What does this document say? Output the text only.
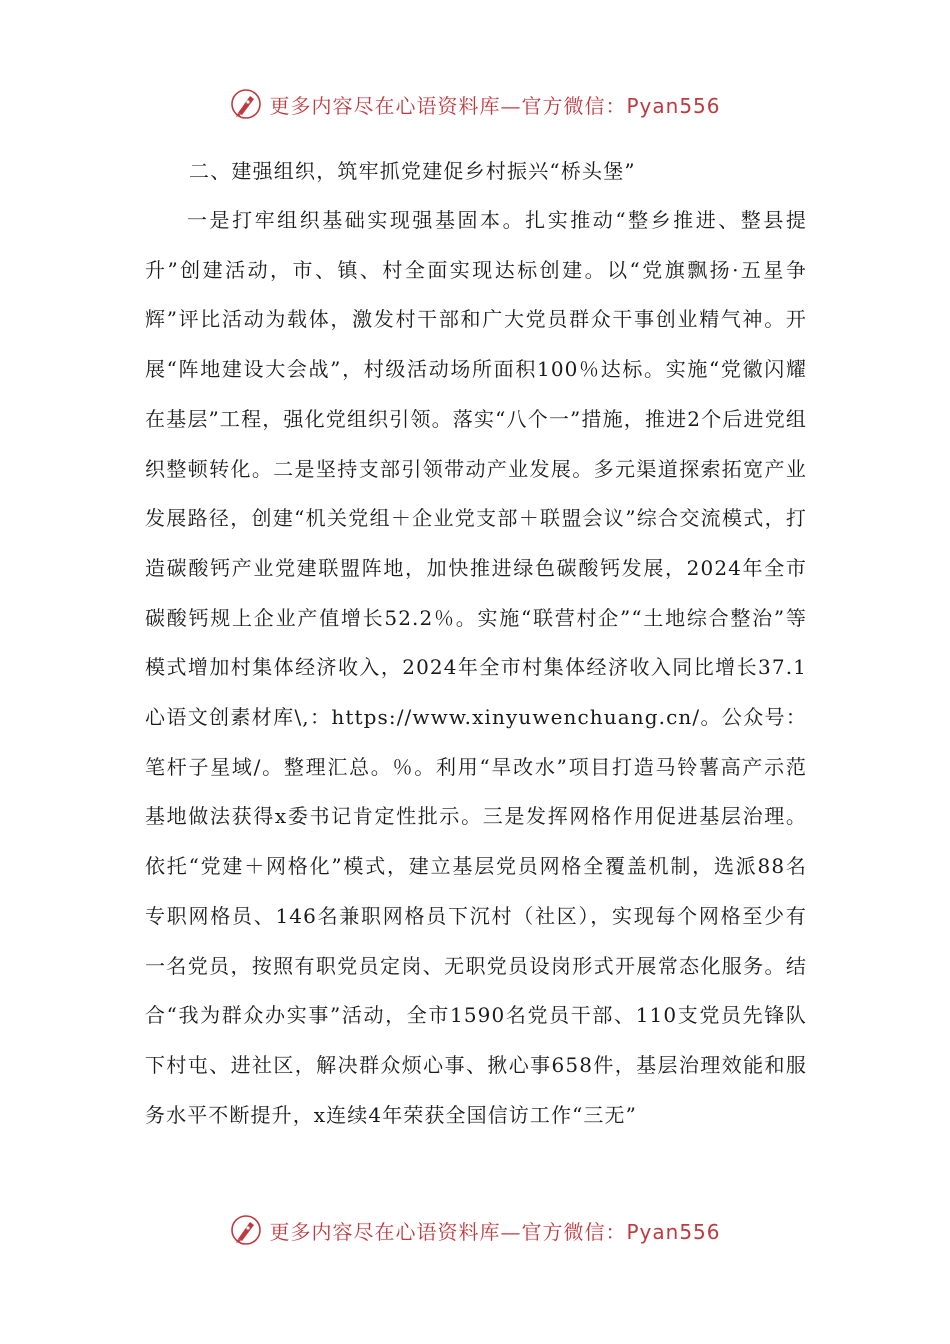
更多内容尽在心语资料库—官方微信：Pyan556

二、建强组织，筑牢抓党建促乡村振兴“桥头堡”

一是打牢组织基础实现强基固本。扎实推动“整乡推进、整县提升”创建活动，市、镇、村全面实现达标创建。以“党旗飘扬·五星争辉”评比活动为载体，激发村干部和广大党员群众干事创业精气神。开展“阵地建设大会战”，村级活动场所面积100％达标。实施“党徽闪耀在基层”工程，强化党组织引领。落实“八个一”措施，推进2个后进党组织整顿转化。二是坚持支部引领带动产业发展。多元渠道探索拓宽产业发展路径，创建“机关党组＋企业党支部＋联盟会议”综合交流模式，打造碳酸钙产业党建联盟阵地，加快推进绿色碳酸钙发展，2024年全市碳酸钙规上企业产值增长52.2％。实施“联营村企”“土地综合整治”等模式增加村集体经济收入，2024年全市村集体经济收入同比增长37.1心语文创素材库\,：https://www.xinyuwenchuang.cn/。公众号：笔杆子星域/。整理汇总。％。利用“旱改水”项目打造马铃薯高产示范基地做法获得x委书记肯定性批示。三是发挥网格作用促进基层治理。依托“党建＋网格化”模式，建立基层党员网格全覆盖机制，选派88名专职网格员、146名兼职网格员下沉村（社区），实现每个网格至少有一名党员，按照有职党员定岗、无职党员设岗形式开展常态化服务。结合“我为群众办实事”活动，全市1590名党员干部、110支党员先锋队下村屯、进社区，解决群众烦心事、揪心事658件，基层治理效能和服务水平不断提升，x连续4年荣获全国信访工作“三无”

更多内容尽在心语资料库—官方微信：Pyan556
